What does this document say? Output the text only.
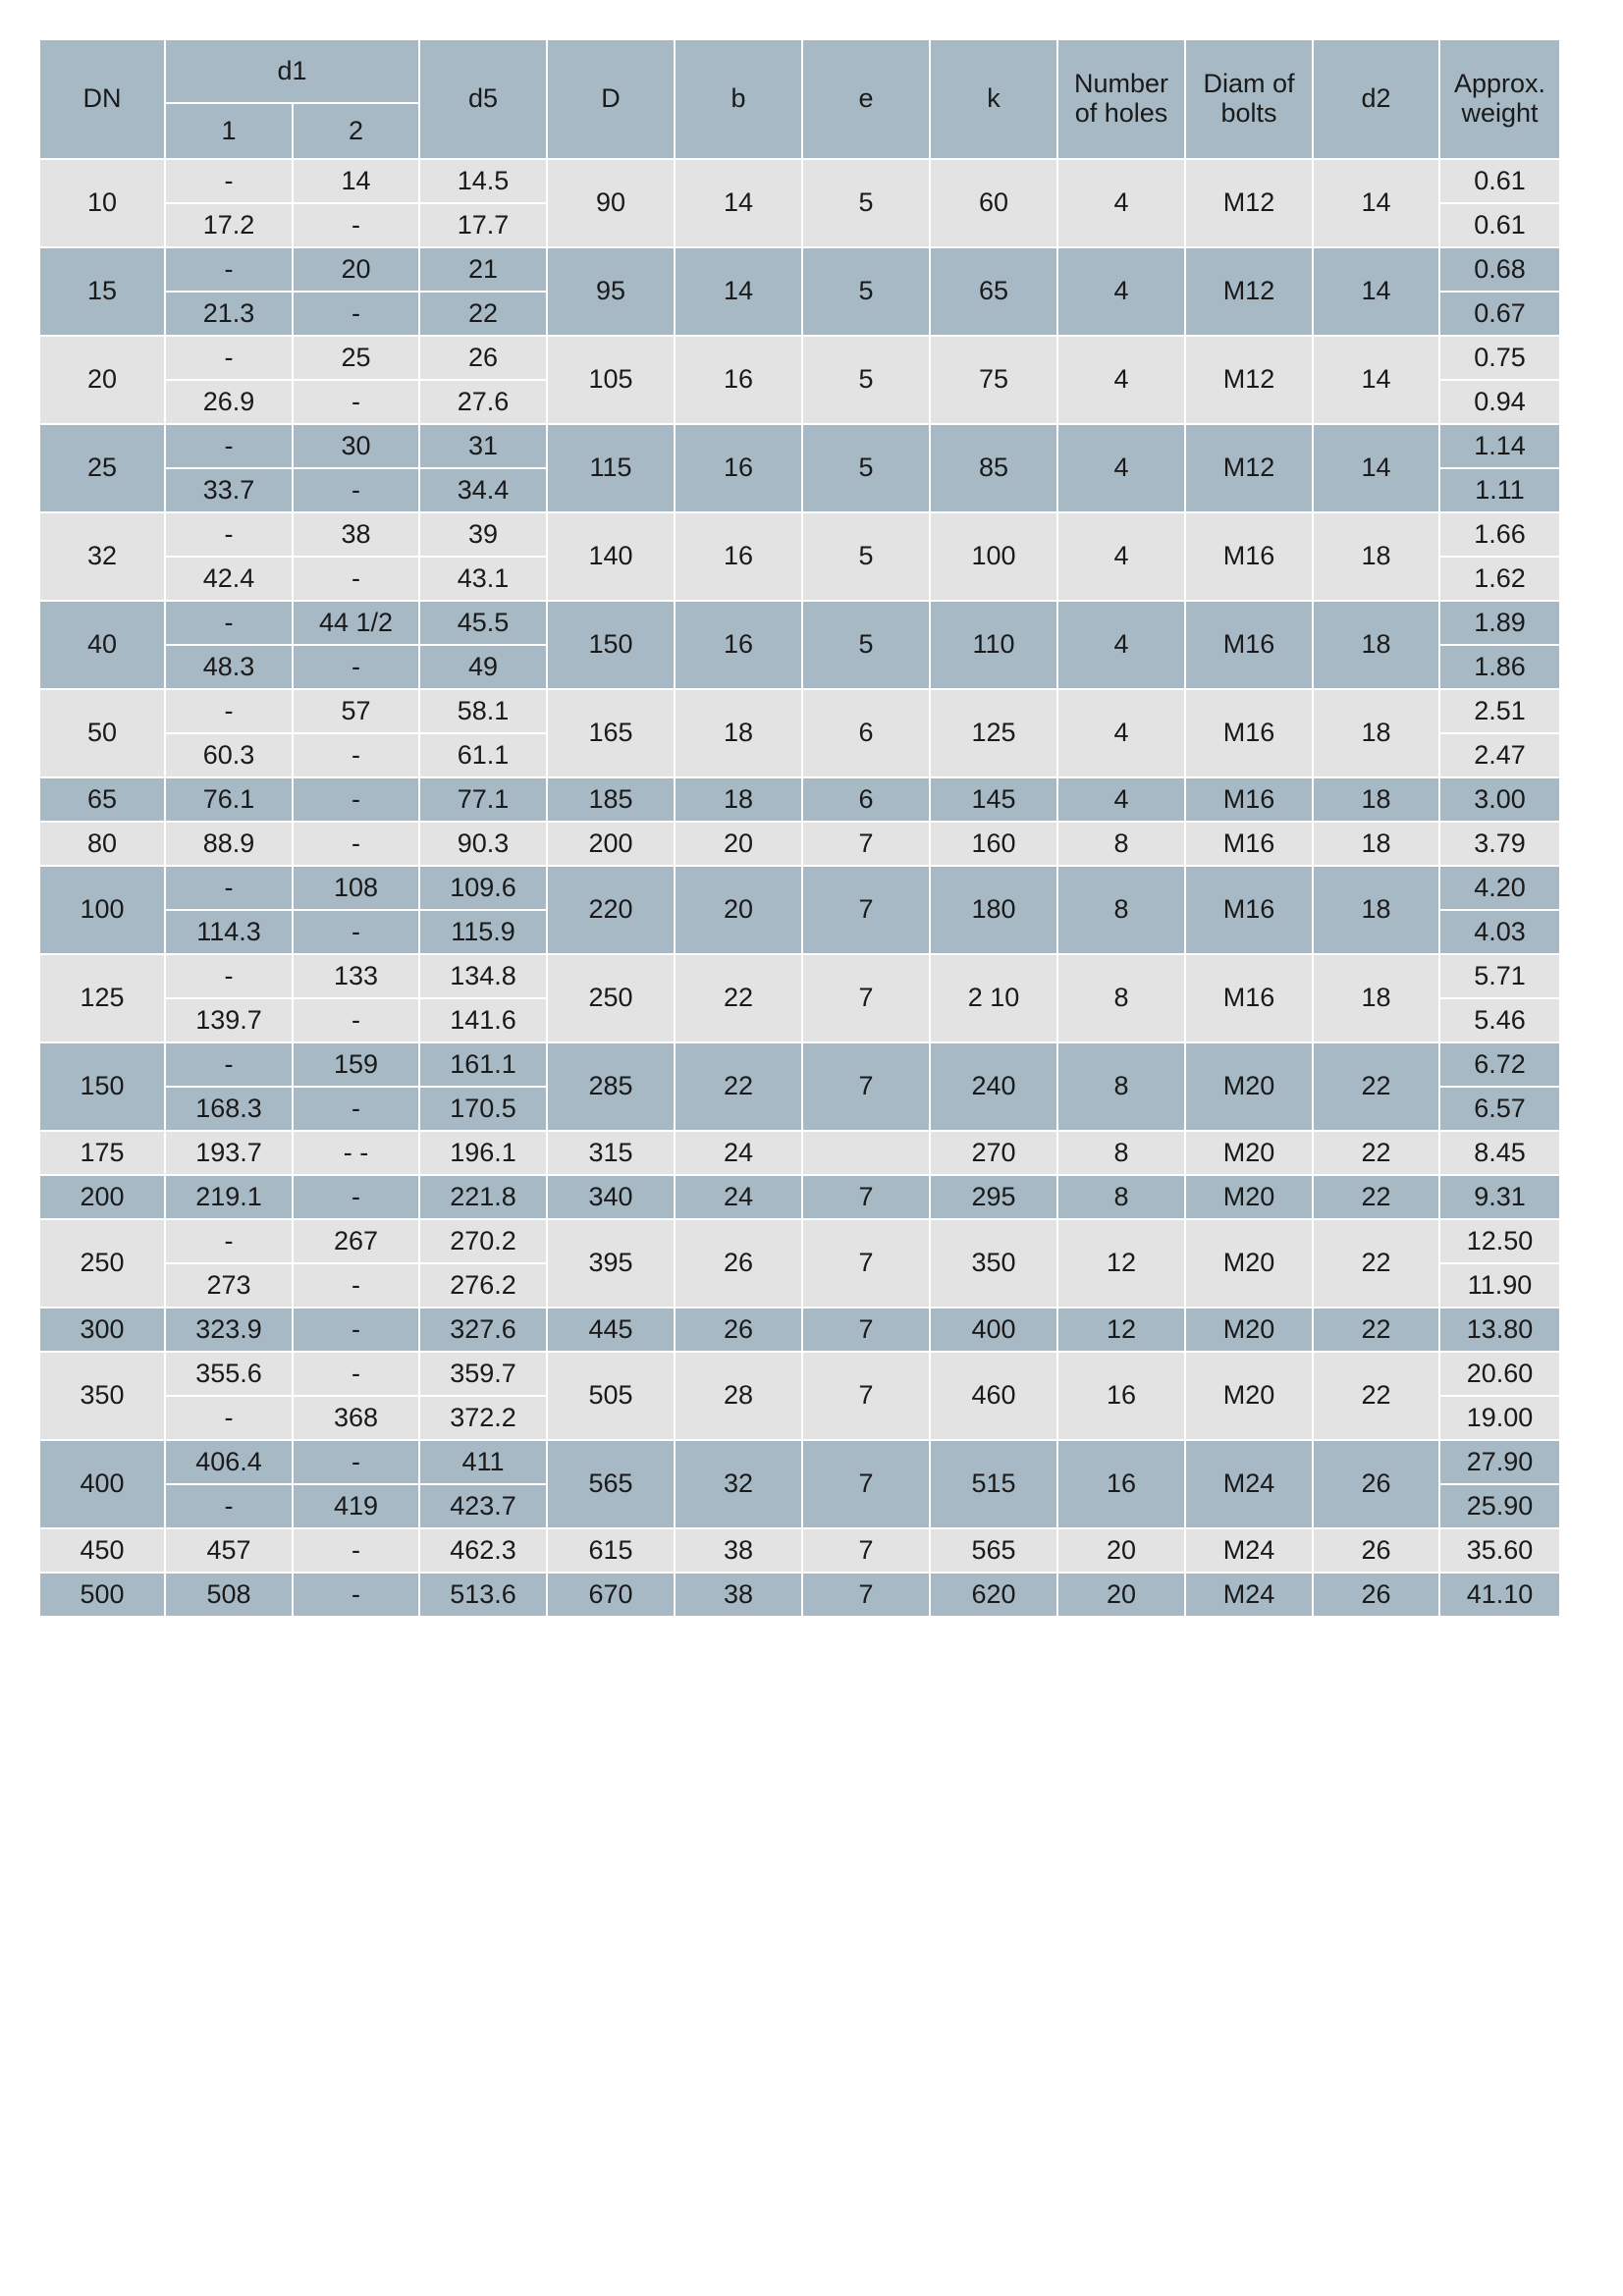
DN	d1		d5	D	b	e	k	Number of holes	Diam of bolts	d2	Approx. weight
	1	2									
10	-	14	14.5	90	14	5	60	4	M12	14	0.61
	17.2	-	17.7								0.61
15	-	20	21	95	14	5	65	4	M12	14	0.68
	21.3	-	22								0.67
20	-	25	26	105	16	5	75	4	M12	14	0.75
	26.9	-	27.6								0.94
25	-	30	31	115	16	5	85	4	M12	14	1.14
	33.7	-	34.4								1.11
32	-	38	39	140	16	5	100	4	M16	18	1.66
	42.4	-	43.1								1.62
40	-	44 1/2	45.5	150	16	5	110	4	M16	18	1.89
	48.3	-	49								1.86
50	-	57	58.1	165	18	6	125	4	M16	18	2.51
	60.3	-	61.1								2.47
65	76.1	-	77.1	185	18	6	145	4	M16	18	3.00
80	88.9	-	90.3	200	20	7	160	8	M16	18	3.79
100	-	108	109.6	220	20	7	180	8	M16	18	4.20
	114.3	-	115.9								4.03
125	-	133	134.8	250	22	7	2 10	8	M16	18	5.71
	139.7	-	141.6								5.46
150	-	159	161.1	285	22	7	240	8	M20	22	6.72
	168.3	-	170.5								6.57
175	193.7	- -	196.1	315	24		270	8	M20	22	8.45
200	219.1	-	221.8	340	24	7	295	8	M20	22	9.31
250	-	267	270.2	395	26	7	350	12	M20	22	12.50
	273	-	276.2								11.90
300	323.9	-	327.6	445	26	7	400	12	M20	22	13.80
350	355.6	-	359.7	505	28	7	460	16	M20	22	20.60
	-	368	372.2								19.00
400	406.4	-	411	565	32	7	515	16	M24	26	27.90
	-	419	423.7								25.90
450	457	-	462.3	615	38	7	565	20	M24	26	35.60
500	508	-	513.6	670	38	7	620	20	M24	26	41.10
